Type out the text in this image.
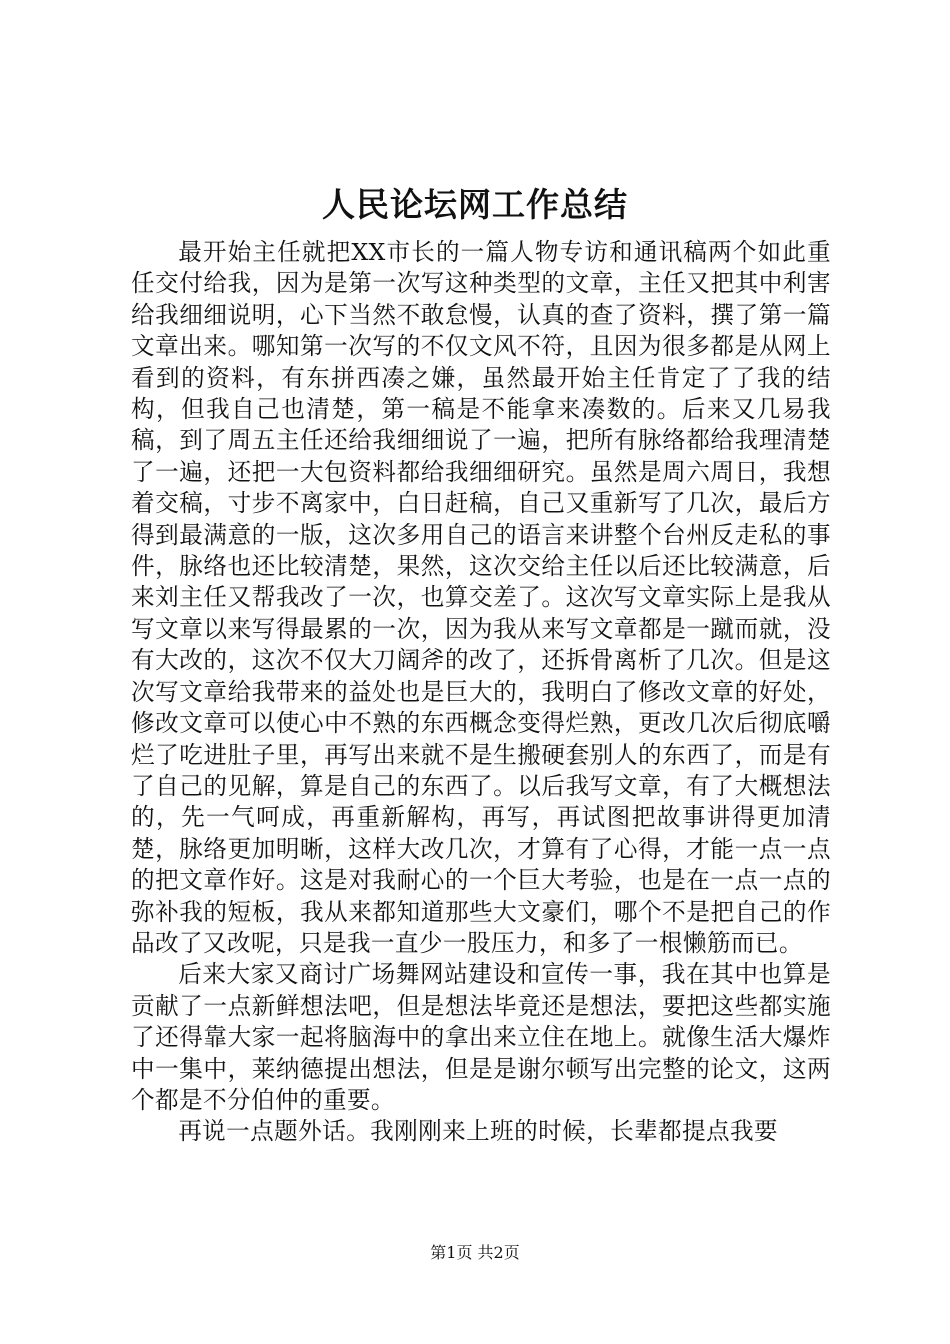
人民论坛网工作总结

最开始主任就把XX市长的一篇人物专访和通讯稿两个如此重任交付给我，因为是第一次写这种类型的文章，主任又把其中利害给我细细说明，心下当然不敢怠慢，认真的查了资料，撰了第一篇文章出来。哪知第一次写的不仅文风不符，且因为很多都是从网上看到的资料，有东拼西凑之嫌，虽然最开始主任肯定了了我的结构，但我自己也清楚，第一稿是不能拿来凑数的。后来又几易我稿，到了周五主任还给我细细说了一遍，把所有脉络都给我理清楚了一遍，还把一大包资料都给我细细研究。虽然是周六周日，我想着交稿，寸步不离家中，白日赶稿，自己又重新写了几次，最后方得到最满意的一版，这次多用自己的语言来讲整个台州反走私的事件，脉络也还比较清楚，果然，这次交给主任以后还比较满意，后来刘主任又帮我改了一次，也算交差了。这次写文章实际上是我从写文章以来写得最累的一次，因为我从来写文章都是一蹴而就，没有大改的，这次不仅大刀阔斧的改了，还拆骨离析了几次。但是这次写文章给我带来的益处也是巨大的，我明白了修改文章的好处，修改文章可以使心中不熟的东西概念变得烂熟，更改几次后彻底嚼烂了吃进肚子里，再写出来就不是生搬硬套别人的东西了，而是有了自己的见解，算是自己的东西了。以后我写文章，有了大概想法的，先一气呵成，再重新解构，再写，再试图把故事讲得更加清楚，脉络更加明晰，这样大改几次，才算有了心得，才能一点一点的把文章作好。这是对我耐心的一个巨大考验，也是在一点一点的弥补我的短板，我从来都知道那些大文豪们，哪个不是把自己的作品改了又改呢，只是我一直少一股压力，和多了一根懒筋而已。

后来大家又商讨广场舞网站建设和宣传一事，我在其中也算是贡献了一点新鲜想法吧，但是想法毕竟还是想法，要把这些都实施了还得靠大家一起将脑海中的拿出来立住在地上。就像生活大爆炸中一集中，莱纳德提出想法，但是是谢尔顿写出完整的论文，这两个都是不分伯仲的重要。

再说一点题外话。我刚刚来上班的时候，长辈都提点我要

第1页 共2页
